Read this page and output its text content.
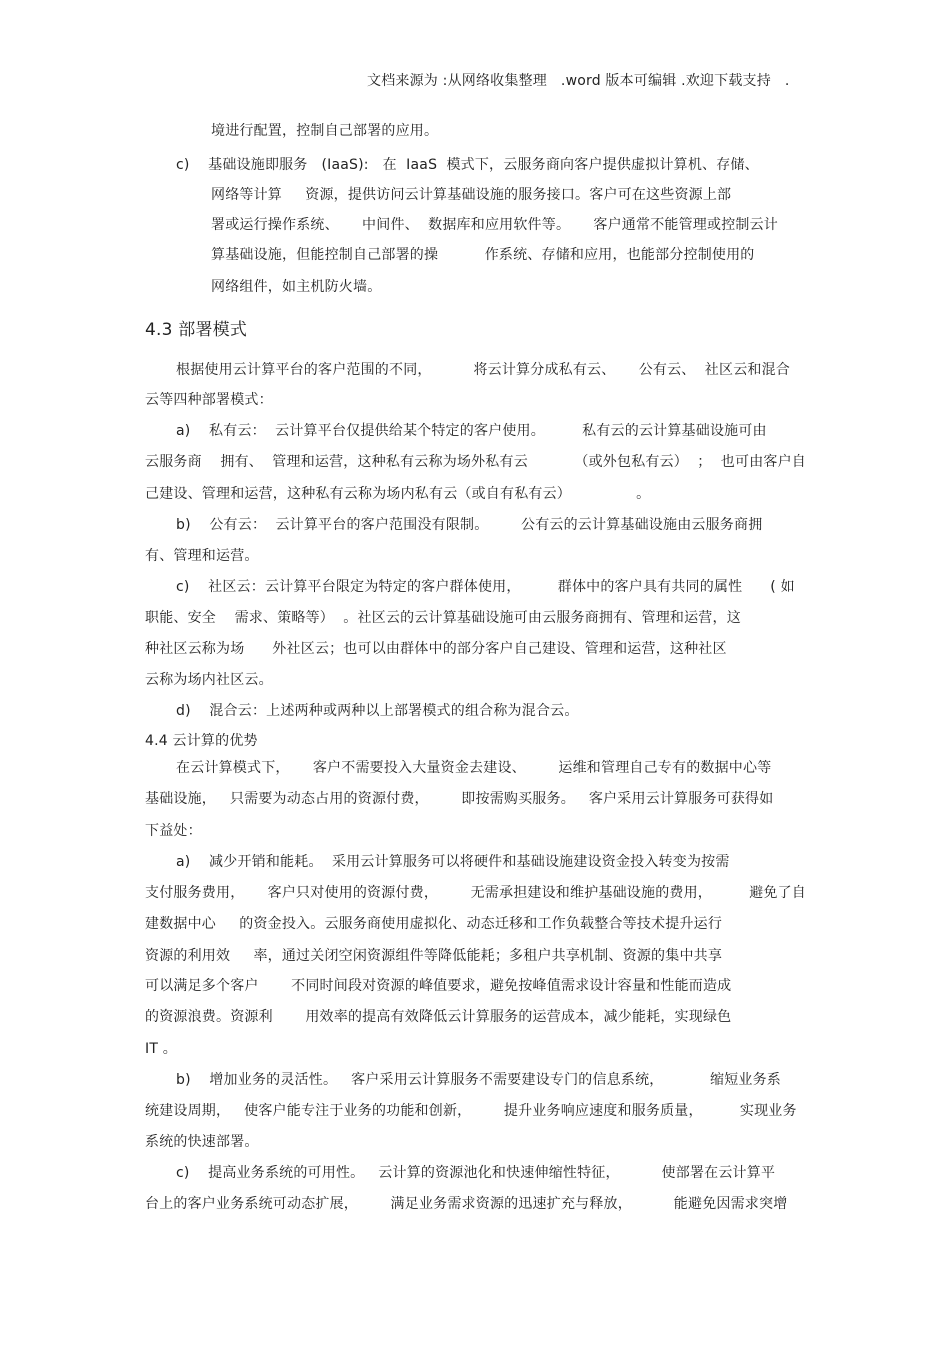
文档来源为 :从网络收集整理   .word 版本可编辑 .欢迎下载支持   .
境进行配置，控制自己部署的应用。
c)    基础设施即服务   (IaaS):   在  IaaS  模式下，云服务商向客户提供虚拟计算机、存储、
网络等计算     资源，提供访问云计算基础设施的服务接口。客户可在这些资源上部
署或运行操作系统、     中间件、  数据库和应用软件等。     客户通常不能管理或控制云计
算基础设施，但能控制自己部署的操          作系统、存储和应用，也能部分控制使用的
网络组件，如主机防火墙。
4.3 部署模式
根据使用云计算平台的客户范围的不同，         将云计算分成私有云、     公有云、  社区云和混合
云等四种部署模式：
a)    私有云：  云计算平台仅提供给某个特定的客户使用。        私有云的云计算基础设施可由
云服务商    拥有、  管理和运营，这种私有云称为场外私有云          （或外包私有云）  ；  也可由客户自
己建设、管理和运营，这种私有云称为场内私有云（或自有私有云）              。
b)    公有云：  云计算平台的客户范围没有限制。       公有云的云计算基础设施由云服务商拥
有、管理和运营。
c)    社区云：云计算平台限定为特定的客户群体使用，        群体中的客户具有共同的属性      ( 如
职能、安全    需求、策略等）  。社区云的云计算基础设施可由云服务商拥有、管理和运营，这
种社区云称为场      外社区云；也可以由群体中的部分客户自己建设、管理和运营，这种社区
云称为场内社区云。
d)    混合云：上述两种或两种以上部署模式的组合称为混合云。
4.4 云计算的优势
在云计算模式下，     客户不需要投入大量资金去建设、       运维和管理自己专有的数据中心等
基础设施，   只需要为动态占用的资源付费，       即按需购买服务。   客户采用云计算服务可获得如
下益处：
a)    减少开销和能耗。  采用云计算服务可以将硬件和基础设施建设资金投入转变为按需
支付服务费用，     客户只对使用的资源付费，       无需承担建设和维护基础设施的费用，        避免了自
建数据中心     的资金投入。云服务商使用虚拟化、动态迁移和工作负载整合等技术提升运行
资源的利用效     率，通过关闭空闲资源组件等降低能耗；多租户共享机制、资源的集中共享
可以满足多个客户       不同时间段对资源的峰值要求，避免按峰值需求设计容量和性能而造成
的资源浪费。资源利       用效率的提高有效降低云计算服务的运营成本，减少能耗，实现绿色
IT 。
b)    增加业务的灵活性。   客户采用云计算服务不需要建设专门的信息系统，          缩短业务系
统建设周期，   使客户能专注于业务的功能和创新，       提升业务响应速度和服务质量，        实现业务
系统的快速部署。
c)    提高业务系统的可用性。   云计算的资源池化和快速伸缩性特征，         使部署在云计算平
台上的客户业务系统可动态扩展，       满足业务需求资源的迅速扩充与释放，         能避免因需求突增
